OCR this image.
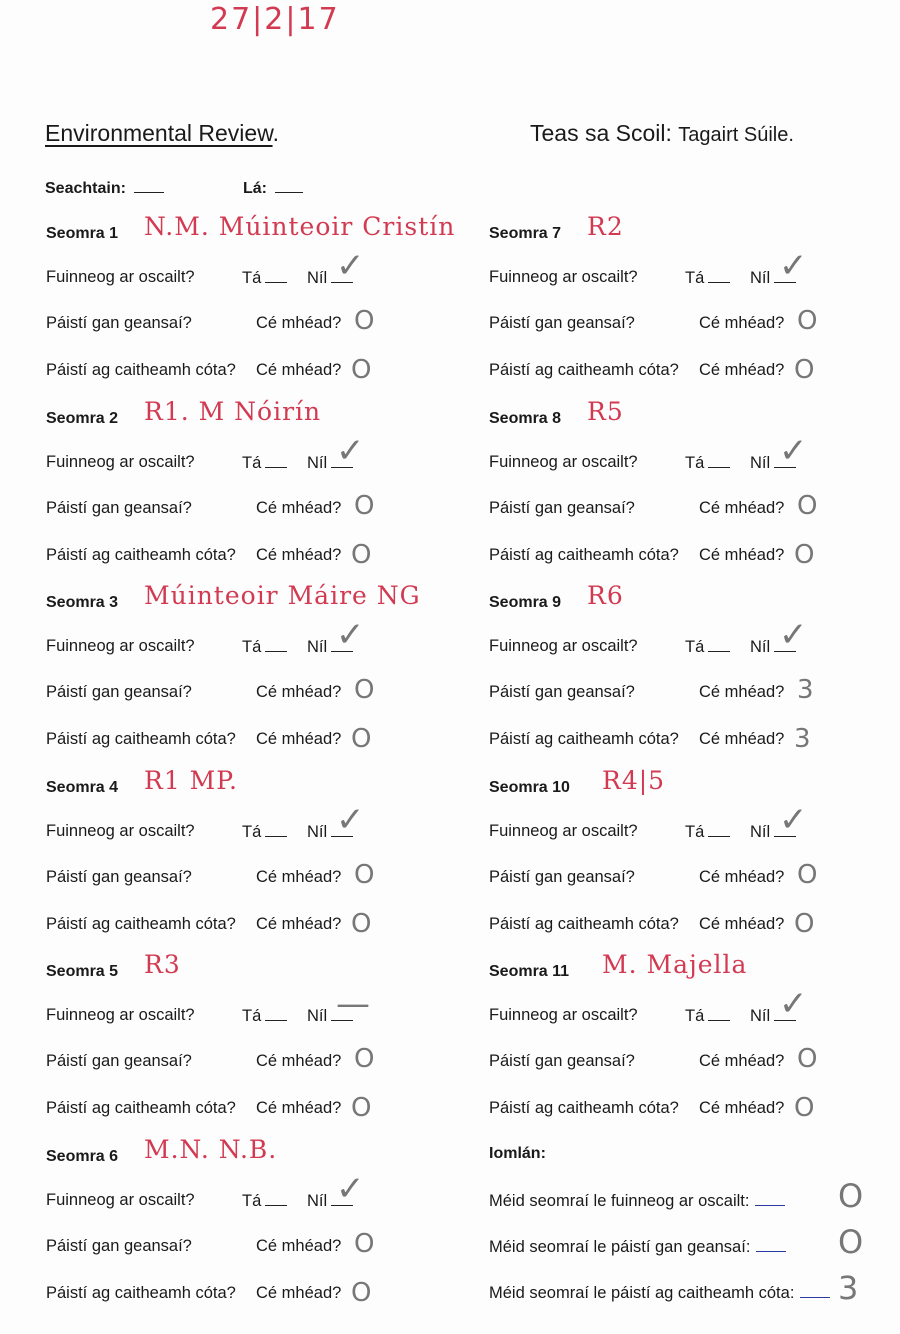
27|2|17
Environmental Review.	Teas sa Scoil: Tagairt Súile.
Seachtain:	Lá:
Seomra 1 N.M. Múinteoir Cristín
Fuinneog ar oscailt?	Tá	Níl ✓
Páistí gan geansaí?	Cé mhéad? O
Páistí ag caitheamh cóta? Cé mhéad? O
Seomra 2 R1. M Nóirín
Fuinneog ar oscailt?	Tá	Níl ✓
Páistí gan geansaí?	Cé mhéad? O
Páistí ag caitheamh cóta? Cé mhéad? O
Seomra 3 Múinteoir Máire NG
Fuinneog ar oscailt?	Tá	Níl ✓
Páistí gan geansaí?	Cé mhéad? O
Páistí ag caitheamh cóta? Cé mhéad? O
Seomra 4 R1 MP.
Fuinneog ar oscailt?	Tá	Níl ✓
Páistí gan geansaí?	Cé mhéad? O
Páistí ag caitheamh cóta? Cé mhéad? O
Seomra 5 R3
Fuinneog ar oscailt?	Tá	Níl —
Páistí gan geansaí?	Cé mhéad? O
Páistí ag caitheamh cóta? Cé mhéad? O
Seomra 6 M.N. N.B.
Fuinneog ar oscailt?	Tá	Níl ✓
Páistí gan geansaí?	Cé mhéad? O
Páistí ag caitheamh cóta? Cé mhéad? O
Seomra 7 R2
Fuinneog ar oscailt?	Tá	Níl ✓
Páistí gan geansaí?	Cé mhéad? O
Páistí ag caitheamh cóta? Cé mhéad? O
Seomra 8 R5
Fuinneog ar oscailt?	Tá	Níl ✓
Páistí gan geansaí?	Cé mhéad? O
Páistí ag caitheamh cóta? Cé mhéad? O
Seomra 9 R6
Fuinneog ar oscailt?	Tá	Níl ✓
Páistí gan geansaí?	Cé mhéad? 3
Páistí ag caitheamh cóta? Cé mhéad? 3
Seomra 10 R4|5
Fuinneog ar oscailt?	Tá	Níl ✓
Páistí gan geansaí?	Cé mhéad? O
Páistí ag caitheamh cóta? Cé mhéad? O
Seomra 11 M. Majella
Fuinneog ar oscailt?	Tá	Níl ✓
Páistí gan geansaí?	Cé mhéad? O
Páistí ag caitheamh cóta? Cé mhéad? O
Iomlán:
Méid seomraí le fuinneog ar oscailt:	O
Méid seomraí le páistí gan geansaí:	O
Méid seomraí le páistí ag caitheamh cóta:	3
